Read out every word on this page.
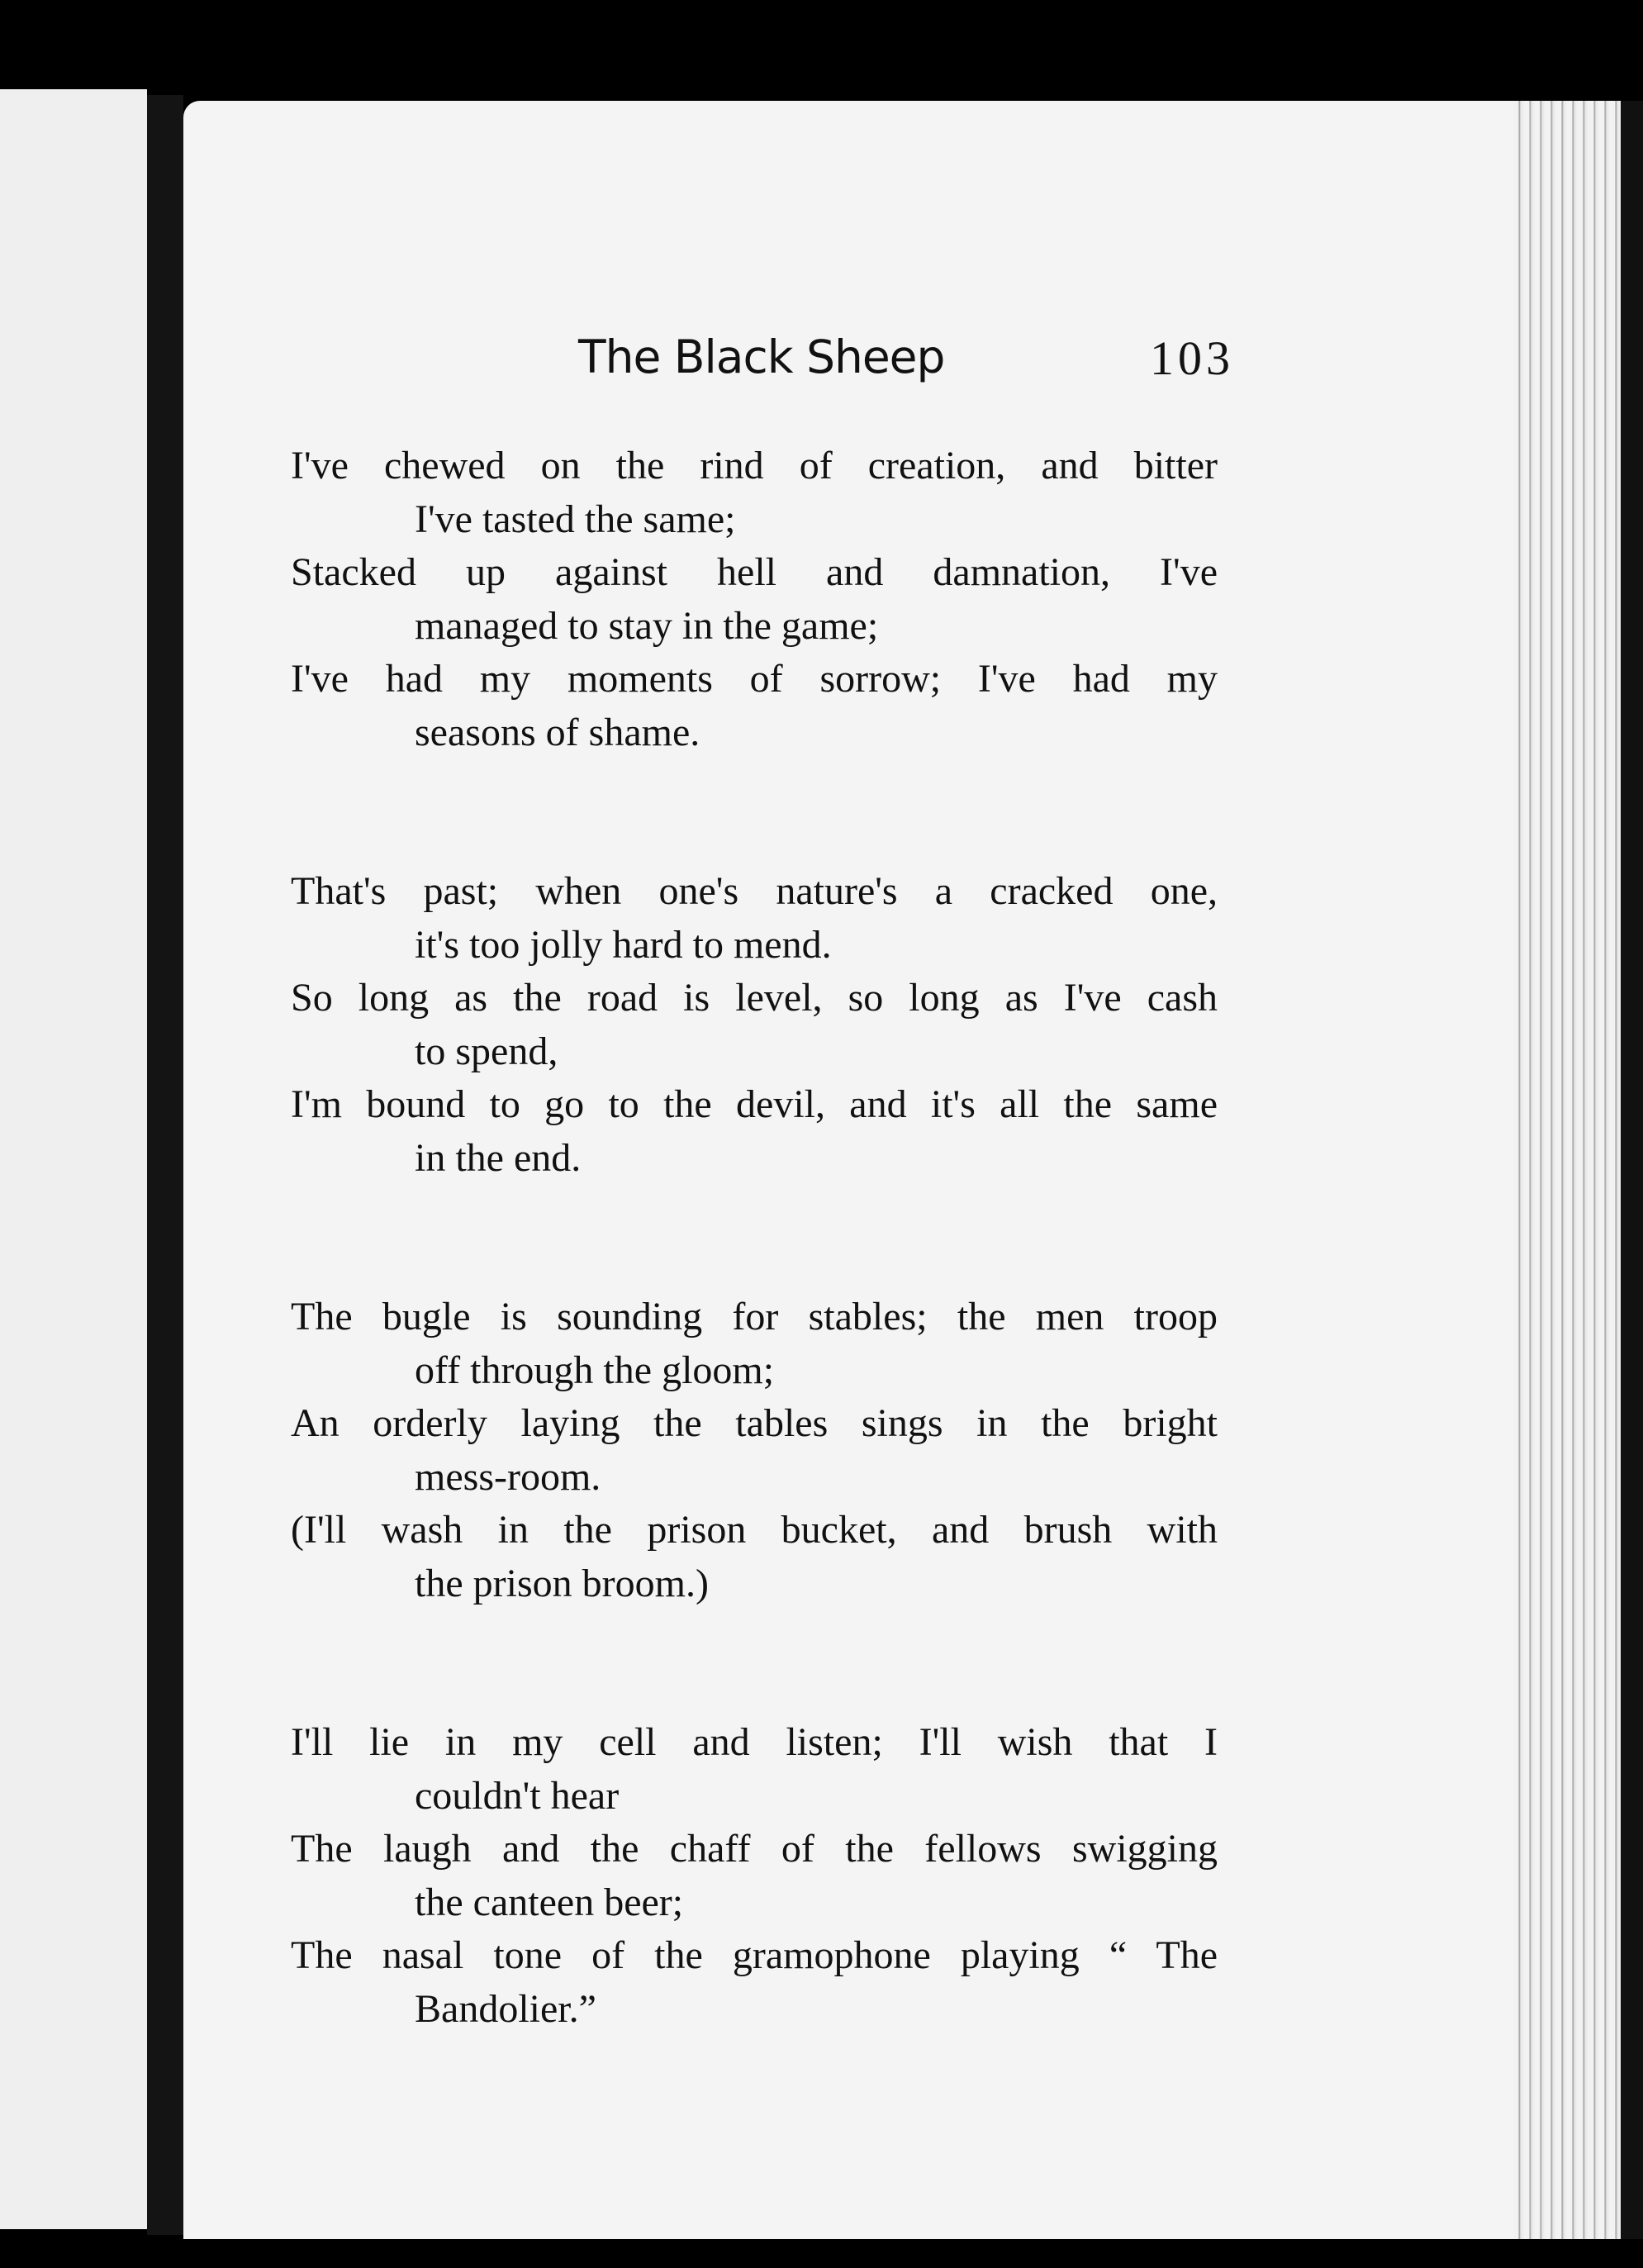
The Black Sheep	103

I've chewed on the rind of creation, and bitter

I've tasted the same;

Stacked up against hell and damnation, I've

managed to stay in the game;

I've had my moments of sorrow; I've had my

seasons of shame.

That's past; when one's nature's a cracked one,

it's too jolly hard to mend.

So long as the road is level, so long as I've cash

to spend,

I'm bound to go to the devil, and it's all the same

in the end.

The bugle is sounding for stables; the men troop

off through the gloom;

An orderly laying the tables sings in the bright

mess-room.

(I'll wash in the prison bucket, and brush with

the prison broom.)

I'll lie in my cell and listen; I'll wish that I

couldn't hear

The laugh and the chaff of the fellows swigging

the canteen beer;

The nasal tone of the gramophone playing “ The

Bandolier.”
